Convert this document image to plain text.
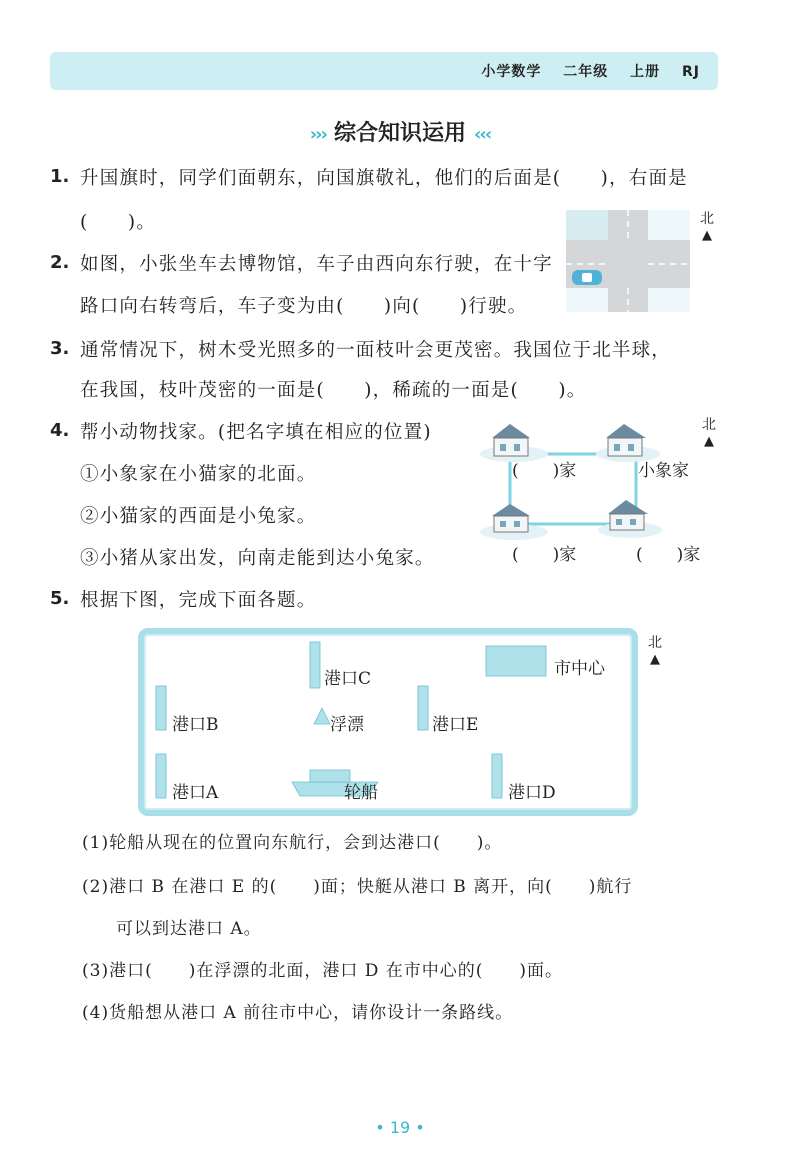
小学数学 二年级 上册 RJ
››› 综合知识运用 ‹‹‹
1. 升国旗时，同学们面朝东，向国旗敬礼，他们的后面是(　　)，右面是
(　　)。	北
▲
2. 如图，小张坐车去博物馆，车子由西向东行驶，在十字
路口向右转弯后，车子变为由(　　)向(　　)行驶。
3. 通常情况下，树木受光照多的一面枝叶会更茂密。我国位于北半球，
在我国，枝叶茂密的一面是(　　)，稀疏的一面是(　　)。
4. 帮小动物找家。(把名字填在相应的位置)
①小象家在小猫家的北面。
②小猫家的西面是小兔家。
③小猪从家出发，向南走能到达小兔家。
(　　)家	小象家
(　　)家	(　　)家
北
▲
5. 根据下图，完成下面各题。
港口C	市中心
港口B	浮漂	港口E
港口A	轮船	港口D
北
▲
(1)轮船从现在的位置向东航行，会到达港口(　　)。
(2)港口 B 在港口 E 的(　　)面；快艇从港口 B 离开，向(　　)航行
可以到达港口 A。
(3)港口(　　)在浮漂的北面，港口 D 在市中心的(　　)面。
(4)货船想从港口 A 前往市中心，请你设计一条路线。
• 19 •
